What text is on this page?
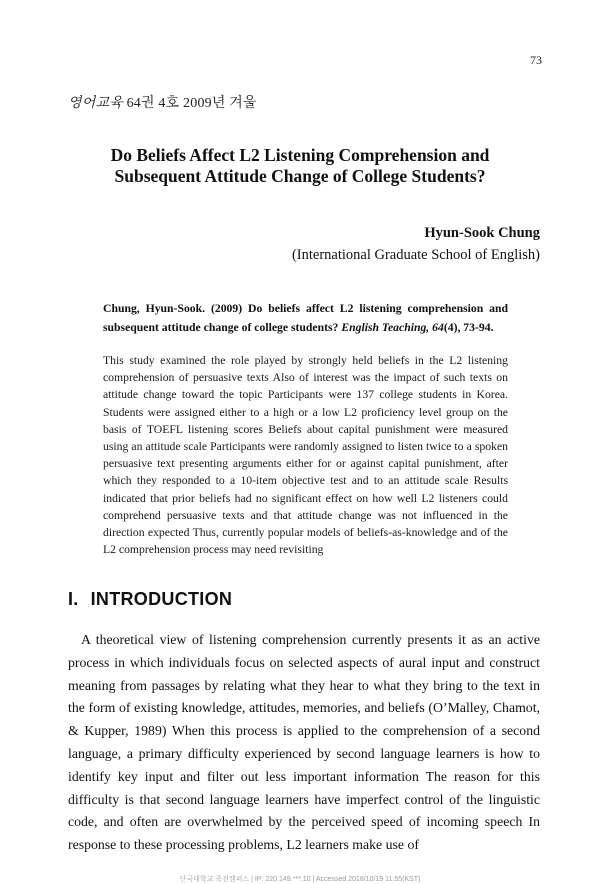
73
영어교육 64권 4호 2009년 겨울
Do Beliefs Affect L2 Listening Comprehension and
Subsequent Attitude Change of College Students?
Hyun-Sook Chung
(International Graduate School of English)
Chung, Hyun-Sook. (2009) Do beliefs affect L2 listening comprehension and subsequent attitude change of college students? English Teaching, 64(4), 73-94.
This study examined the role played by strongly held beliefs in the L2 listening comprehension of persuasive texts Also of interest was the impact of such texts on attitude change toward the topic Participants were 137 college students in Korea. Students were assigned either to a high or a low L2 proficiency level group on the basis of TOEFL listening scores Beliefs about capital punishment were measured using an attitude scale Participants were randomly assigned to listen twice to a spoken persuasive text presenting arguments either for or against capital punishment, after which they responded to a 10-item objective test and to an attitude scale Results indicated that prior beliefs had no significant effect on how well L2 listeners could comprehend persuasive texts and that attitude change was not influenced in the direction expected Thus, currently popular models of beliefs-as-knowledge and of the L2 comprehension process may need revisiting
I. INTRODUCTION
A theoretical view of listening comprehension currently presents it as an active process in which individuals focus on selected aspects of aural input and construct meaning from passages by relating what they hear to what they bring to the text in the form of existing knowledge, attitudes, memories, and beliefs (O’Malley, Chamot, & Kupper, 1989) When this process is applied to the comprehension of a second language, a primary difficulty experienced by second language learners is how to identify key input and filter out less important information The reason for this difficulty is that second language learners have imperfect control of the linguistic code, and often are overwhelmed by the perceived speed of incoming speech In response to these processing problems, L2 learners make use of
단국대학교 죽전캠퍼스 | IP: 220.149.***.10 | Accessed 2018/10/19 11:55(KST)
